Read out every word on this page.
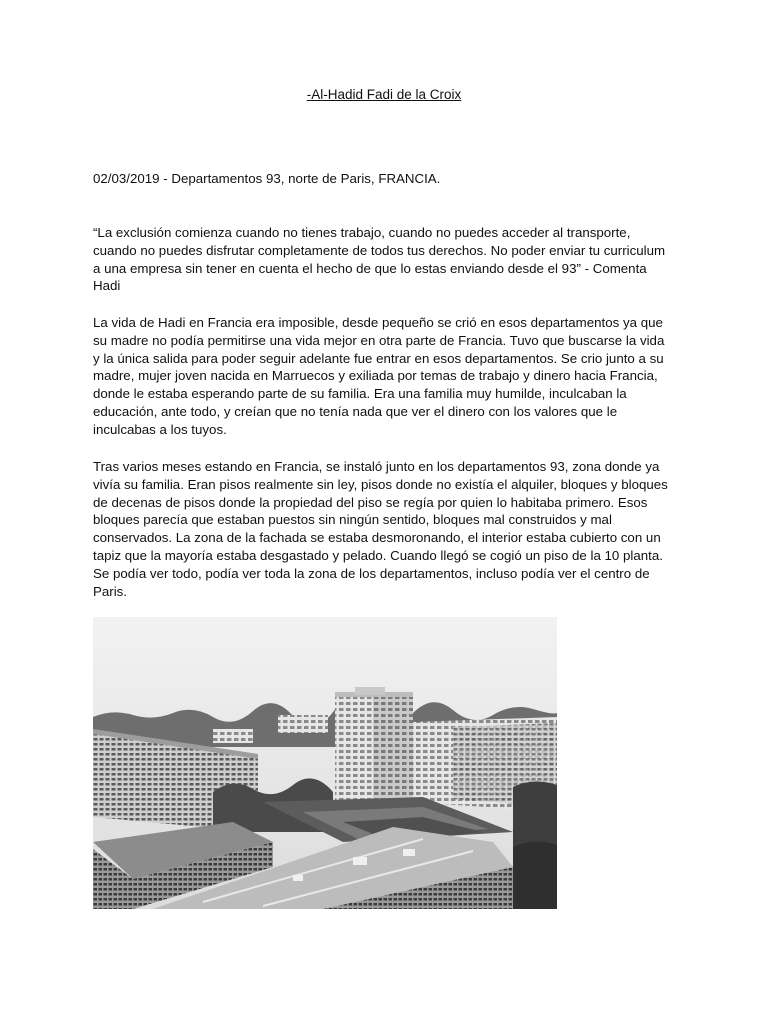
-Al-Hadid Fadi de la Croix

02/03/2019 - Departamentos 93, norte de Paris, FRANCIA.

“La exclusión comienza cuando no tienes trabajo, cuando no puedes acceder al transporte, cuando no puedes disfrutar completamente de todos tus derechos. No poder enviar tu curriculum a una empresa sin tener en cuenta el hecho de que lo estas enviando desde el 93” - Comenta Hadi

La vida de Hadi en Francia era imposible, desde pequeño se crió en esos departamentos ya que su madre no podía permitirse una vida mejor en otra parte de Francia. Tuvo que buscarse la vida y la única salida para poder seguir adelante fue entrar en esos departamentos. Se crio junto a su madre, mujer joven nacida en Marruecos y exiliada por temas de trabajo y dinero hacia Francia, donde le estaba esperando parte de su familia. Era una familia muy humilde, inculcaban la educación, ante todo, y creían que no tenía nada que ver el dinero con los valores que le inculcabas a los tuyos.

Tras varios meses estando en Francia, se instaló junto en los departamentos 93, zona donde ya vivía su familia. Eran pisos realmente sin ley, pisos donde no existía el alquiler, bloques y bloques de decenas de pisos donde la propiedad del piso se regía por quien lo habitaba primero. Esos bloques parecía que estaban puestos sin ningún sentido, bloques mal construidos y mal conservados. La zona de la fachada se estaba desmoronando, el interior estaba cubierto con un tapiz que la mayoría estaba desgastado y pelado. Cuando llegó se cogió un piso de la 10 planta. Se podía ver todo, podía ver toda la zona de los departamentos, incluso podía ver el centro de Paris.
